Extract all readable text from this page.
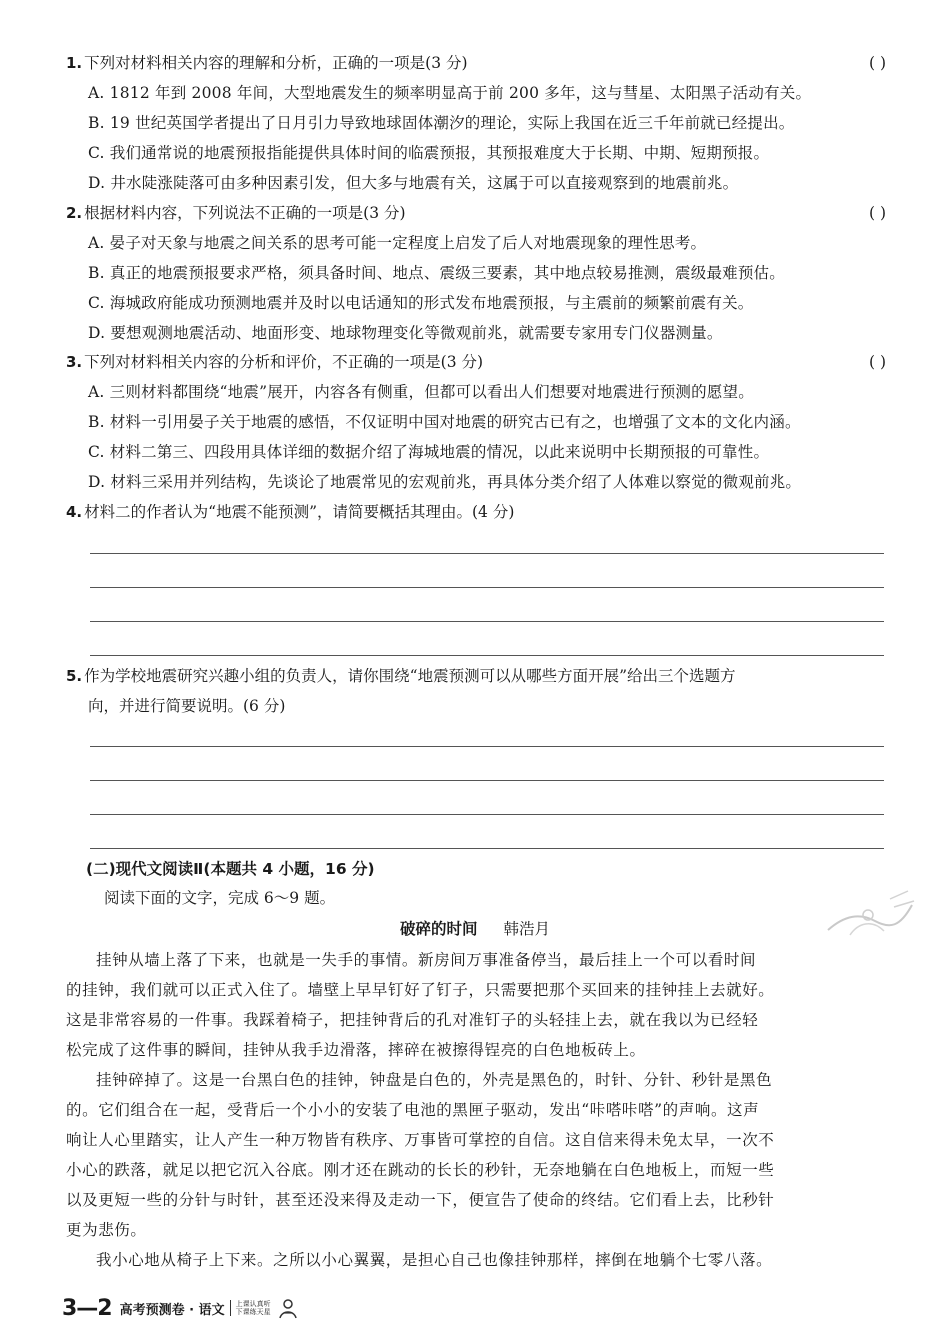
1. 下列对材料相关内容的理解和分析，正确的一项是(3 分)	( )
A. 1812 年到 2008 年间，大型地震发生的频率明显高于前 200 多年，这与彗星、太阳黑子活动有关。
B. 19 世纪英国学者提出了日月引力导致地球固体潮汐的理论，实际上我国在近三千年前就已经提出。
C. 我们通常说的地震预报指能提供具体时间的临震预报，其预报难度大于长期、中期、短期预报。
D. 井水陡涨陡落可由多种因素引发，但大多与地震有关，这属于可以直接观察到的地震前兆。
2. 根据材料内容，下列说法不正确的一项是(3 分)	( )
A. 晏子对天象与地震之间关系的思考可能一定程度上启发了后人对地震现象的理性思考。
B. 真正的地震预报要求严格，须具备时间、地点、震级三要素，其中地点较易推测，震级最难预估。
C. 海城政府能成功预测地震并及时以电话通知的形式发布地震预报，与主震前的频繁前震有关。
D. 要想观测地震活动、地面形变、地球物理变化等微观前兆，就需要专家用专门仪器测量。
3. 下列对材料相关内容的分析和评价，不正确的一项是(3 分)	( )
A. 三则材料都围绕“地震”展开，内容各有侧重，但都可以看出人们想要对地震进行预测的愿望。
B. 材料一引用晏子关于地震的感悟，不仅证明中国对地震的研究古已有之，也增强了文本的文化内涵。
C. 材料二第三、四段用具体详细的数据介绍了海城地震的情况，以此来说明中长期预报的可靠性。
D. 材料三采用并列结构，先谈论了地震常见的宏观前兆，再具体分类介绍了人体难以察觉的微观前兆。
4. 材料二的作者认为“地震不能预测”，请简要概括其理由。(4 分)
5. 作为学校地震研究兴趣小组的负责人，请你围绕“地震预测可以从哪些方面开展”给出三个选题方
向，并进行简要说明。(6 分)
(二)现代文阅读Ⅱ(本题共 4 小题，16 分)
阅读下面的文字，完成 6～9 题。
破碎的时间 韩浩月
挂钟从墙上落了下来，也就是一失手的事情。新房间万事准备停当，最后挂上一个可以看时间
的挂钟，我们就可以正式入住了。墙壁上早早钉好了钉子，只需要把那个买回来的挂钟挂上去就好。
这是非常容易的一件事。我踩着椅子，把挂钟背后的孔对准钉子的头轻挂上去，就在我以为已经轻
松完成了这件事的瞬间，挂钟从我手边滑落，摔碎在被擦得锃亮的白色地板砖上。
挂钟碎掉了。这是一台黑白色的挂钟，钟盘是白色的，外壳是黑色的，时针、分针、秒针是黑色
的。它们组合在一起，受背后一个小小的安装了电池的黑匣子驱动，发出“咔嗒咔嗒”的声响。这声
响让人心里踏实，让人产生一种万物皆有秩序、万事皆可掌控的自信。这自信来得未免太早，一次不
小心的跌落，就足以把它沉入谷底。刚才还在跳动的长长的秒针，无奈地躺在白色地板上，而短一些
以及更短一些的分针与时针，甚至还没来得及走动一下，便宣告了使命的终结。它们看上去，比秒针
更为悲伤。
我小心地从椅子上下来。之所以小心翼翼，是担心自己也像挂钟那样，摔倒在地躺个七零八落。
3—2 高考预测卷 · 语文 上课认真听
下课练天星
